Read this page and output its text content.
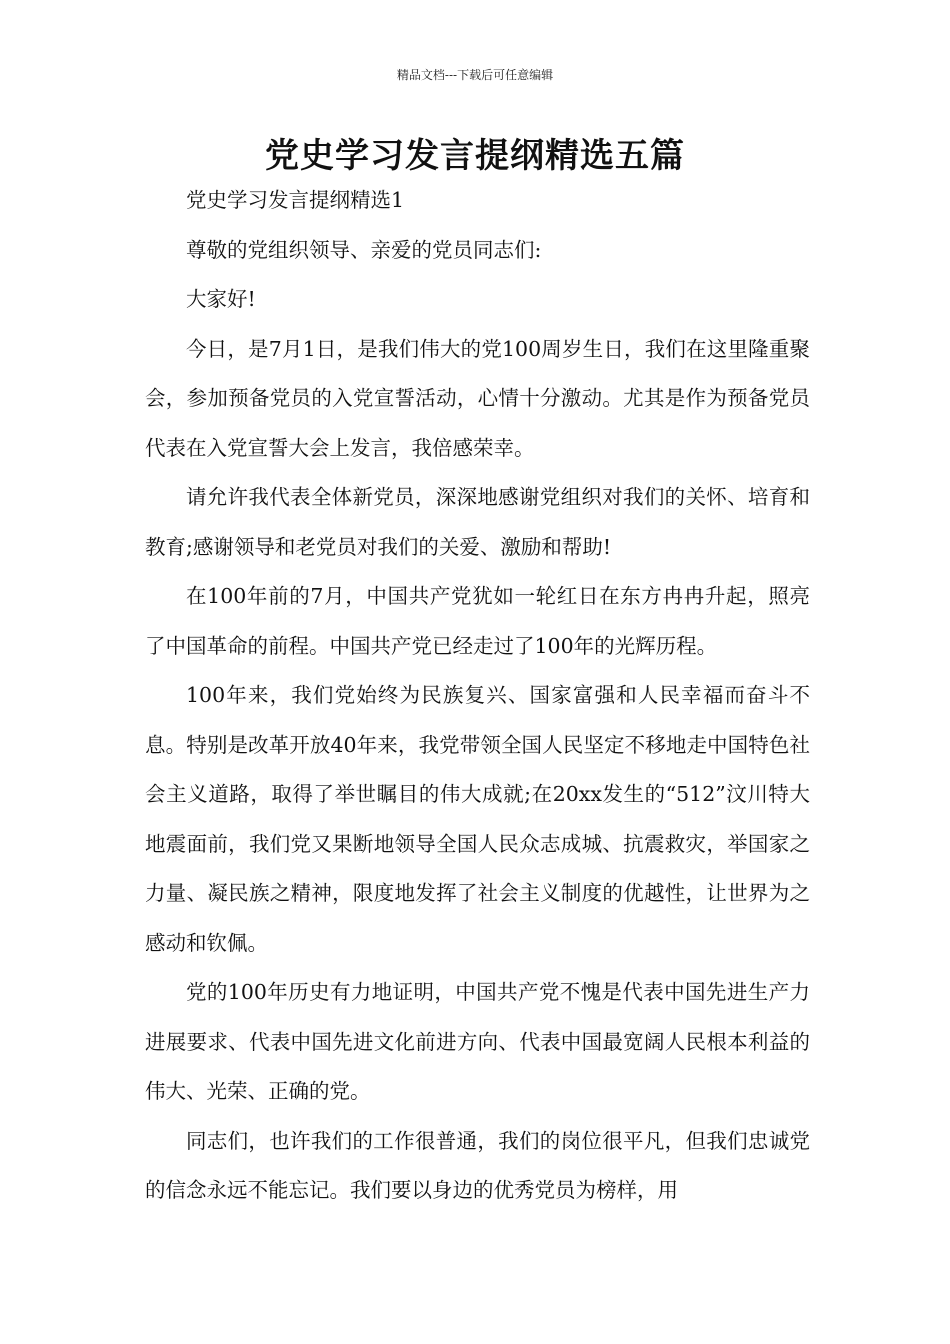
精品文档---下载后可任意编辑
党史学习发言提纲精选五篇

党史学习发言提纲精选1

尊敬的党组织领导、亲爱的党员同志们:

大家好!

今日，是7月1日，是我们伟大的党100周岁生日，我们在这里隆重聚会，参加预备党员的入党宣誓活动，心情十分激动。尤其是作为预备党员代表在入党宣誓大会上发言，我倍感荣幸。

请允许我代表全体新党员，深深地感谢党组织对我们的关怀、培育和教育;感谢领导和老党员对我们的关爱、激励和帮助!

在100年前的7月，中国共产党犹如一轮红日在东方冉冉升起，照亮了中国革命的前程。中国共产党已经走过了100年的光辉历程。

100年来，我们党始终为民族复兴、国家富强和人民幸福而奋斗不息。特别是改革开放40年来，我党带领全国人民坚定不移地走中国特色社会主义道路，取得了举世瞩目的伟大成就;在20xx发生的“512”汶川特大地震面前，我们党又果断地领导全国人民众志成城、抗震救灾，举国家之力量、凝民族之精神，限度地发挥了社会主义制度的优越性，让世界为之感动和钦佩。

党的100年历史有力地证明，中国共产党不愧是代表中国先进生产力进展要求、代表中国先进文化前进方向、代表中国最宽阔人民根本利益的伟大、光荣、正确的党。

同志们，也许我们的工作很普通，我们的岗位很平凡，但我们忠诚党的信念永远不能忘记。我们要以身边的优秀党员为榜样，用
